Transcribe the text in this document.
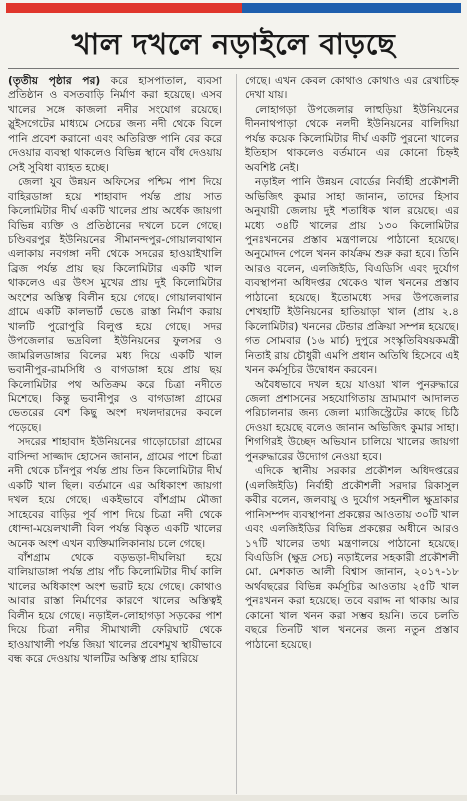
খাল দখলে নড়াইলে বাড়ছে

(তৃতীয় পৃষ্ঠার পর) করে হাসপাতাল, ব্যবসা প্রতিষ্ঠান ও বসতবাড়ি নির্মাণ করা হয়েছে। এসব খালের সঙ্গে কাজলা নদীর সংযোগ রয়েছে। স্লুইসগেটের মাধ্যমে সেচের জন্য নদী থেকে বিলে পানি প্রবেশ করানো এবং অতিরিক্ত পানি বের করে দেওয়ার ব্যবস্থা থাকলেও বিভিন্ন স্থানে বাঁধ দেওয়ায় সেই সুবিধা ব্যাহত হচ্ছে।

জেলা যুব উন্নয়ন অফিসের পশ্চিম পাশ দিয়ে বাহিরডাঙ্গা হয়ে শাহাবাদ পর্যন্ত প্রায় সাত কিলোমিটার দীর্ঘ একটি খালের প্রায় অর্ধেক জায়গা বিভিন্ন ব্যক্তি ও প্রতিষ্ঠানের দখলে চলে গেছে। চণ্ডিবরপুর ইউনিয়নের সীমানন্দপুর-গোয়ালবাথান এলাকায় নবগঙ্গা নদী থেকে সদরের হাওয়াইখালি ব্রিজ পর্যন্ত প্রায় ছয় কিলোমিটার একটি খাল থাকলেও এর উৎস মুখের প্রায় দুই কিলোমিটার অংশের অস্তিত্ব বিলীন হয়ে গেছে। গোয়ালবাথান গ্রামে একটি কালভার্ট ভেঙে রাস্তা নির্মাণ করায় খালটি পুরোপুরি বিলুপ্ত হয়ে গেছে। সদর উপজেলার ভদ্রবিলা ইউনিয়নের ফুলসর ও জামরিলডাঙ্গার বিলের মধ্য দিয়ে একটি খাল ভবানীপুর-রামসিধি ও বাগডাঙ্গা হয়ে প্রায় ছয় কিলোমিটার পথ অতিক্রম করে চিত্রা নদীতে মিশেছে। কিন্তু ভবানীপুর ও বাগডাঙ্গা গ্রামের ভেতরের বেশ কিছু অংশ দখলদারদের কবলে পড়েছে।

সদরের শাহাবাদ ইউনিয়নের গাড়োচোরা গ্রামের বাসিন্দা সাজ্জাদ হোসেন জানান, গ্রামের পাশে চিত্রা নদী থেকে চাঁনপুর পর্যন্ত প্রায় তিন কিলোমিটার দীর্ঘ একটি খাল ছিল। বর্তমানে এর অধিকাংশ জায়গা দখল হয়ে গেছে। একইভাবে বাঁশগ্রাম মৌজা সাহেবের বাড়ির পূর্ব পাশ দিয়ে চিত্রা নদী থেকে ধোন্দা-ময়েলখালী বিল পর্যন্ত বিস্তৃত একটি খালের অনেক অংশ এখন ব্যক্তিমালিকানায় চলে গেছে।

বাঁশগ্রাম থেকে বড়ভড়া-দীঘলিয়া হয়ে বালিয়াডাঙ্গা পর্যন্ত প্রায় পাঁচ কিলোমিটার দীর্ঘ কালি খালের অধিকাংশ অংশ ভরাট হয়ে গেছে। কোথাও আবার রাস্তা নির্মাণের কারণে খালের অস্তিত্বই বিলীন হয়ে গেছে। নড়াইল-লোহাগড়া সড়কের পাশ দিয়ে চিত্রা নদীর সীমাখালী ফেরিঘাট থেকে হাওয়াখালী পর্যন্ত জিয়া খালের প্রবেশমুখ স্থায়ীভাবে বন্ধ করে দেওয়ায় খালটির অস্তিত্ব প্রায় হারিয়ে

গেছে। এখন কেবল কোথাও কোথাও এর রেখাচিহ্ন দেখা যায়।

লোহাগড়া উপজেলার লাহুড়িয়া ইউনিয়নের দীননাথপাড়া থেকে নলদী ইউনিয়নের বালিদিয়া পর্যন্ত কয়েক কিলোমিটার দীর্ঘ একটি পুরনো খালের ইতিহাস থাকলেও বর্তমানে এর কোনো চিহ্নই অবশিষ্ট নেই।

নড়াইল পানি উন্নয়ন বোর্ডের নির্বাহী প্রকৌশলী অভিজিৎ কুমার সাহা জানান, তাদের হিসাব অনুযায়ী জেলায় দুই শতাধিক খাল রয়েছে। এর মধ্যে ৩৪টি খালের প্রায় ১৩০ কিলোমিটার পুনঃখননের প্রস্তাব মন্ত্রণালয়ে পাঠানো হয়েছে। অনুমোদন পেলে খনন কার্যক্রম শুরু করা হবে। তিনি আরও বলেন, এলজিইডি, বিএডিসি এবং দুর্যোগ ব্যবস্থাপনা অধিদপ্তর থেকেও খাল খননের প্রস্তাব পাঠানো হয়েছে। ইতোমধ্যে সদর উপজেলার শেখহাটি ইউনিয়নের হাতিয়াড়া খাল (প্রায় ২.৪ কিলোমিটার) খননের টেন্ডার প্রক্রিয়া সম্পন্ন হয়েছে। গত সোমবার (১৬ মার্চ) দুপুরে সংস্কৃতিবিষয়কমন্ত্রী নিতাই রায় চৌধুরী এমপি প্রধান অতিথি হিসেবে এই খনন কর্মসূচির উদ্বোধন করবেন।

অবৈধভাবে দখল হয়ে যাওয়া খাল পুনরুদ্ধারে জেলা প্রশাসনের সহযোগিতায় ভ্রাম্যমাণ আদালত পরিচালনার জন্য জেলা ম্যাজিস্ট্রেটের কাছে চিঠি দেওয়া হয়েছে বলেও জানান অভিজিৎ কুমার সাহা। শিগগিরই উচ্ছেদ অভিযান চালিয়ে খালের জায়গা পুনরুদ্ধারের উদ্যোগ নেওয়া হবে।

এদিকে স্থানীয় সরকার প্রকৌশল অধিদপ্তরের (এলজিইডি) নির্বাহী প্রকৌশলী সরদার রিকাসুল কবীর বলেন, জলবায়ু ও দুর্যোগ সহনশীল ক্ষুদ্রাকার পানিসম্পদ ব্যবস্থাপনা প্রকল্পের আওতায় ৩০টি খাল এবং এলজিইডির বিভিন্ন প্রকল্পের অধীনে আরও ১৭টি খালের তথ্য মন্ত্রণালয়ে পাঠানো হয়েছে। বিএডিসি (ক্ষুদ্র সেচ) নড়াইলের সহকারী প্রকৌশলী মো. মেশকাত আলী বিশ্বাস জানান, ২০১৭-১৮ অর্থবছরের বিভিন্ন কর্মসূচির আওতায় ২৫টি খাল পুনঃখনন করা হয়েছে। তবে বরাদ্দ না থাকায় আর কোনো খাল খনন করা সম্ভব হয়নি। তবে চলতি বছরে তিনটি খাল খননের জন্য নতুন প্রস্তাব পাঠানো হয়েছে।
